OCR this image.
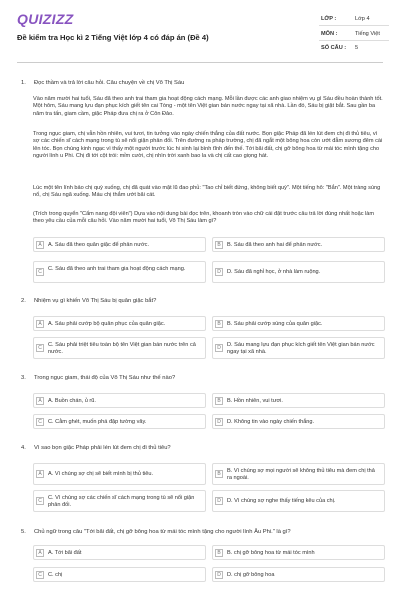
QUIZIZZ
Đề kiểm tra Học kì 2 Tiếng Việt lớp 4 có đáp án (Đề 4)
LỚP :	Lớp 4
MÔN :	Tiếng Việt
SỐ CÂU : 5
1. Đọc thầm và trả lời câu hỏi. Câu chuyện về chị Võ Thị Sáu
Vào năm mười hai tuổi, Sáu đã theo anh trai tham gia hoạt động cách mạng. Mỗi lần được các anh giao nhiệm vụ gì Sáu đều hoàn thành tốt. Một hôm, Sáu mang lựu đạn phục kích giết tên cai Tòng - một tên Việt gian bán nước ngay tại xã nhà. Lần đó, Sáu bị giặt bắt. Sau gần ba năm tra tấn, giam cầm, giặc Pháp đưa chị ra ở Côn Đảo.
Trong ngục giam, chị vẫn hồn nhiên, vui tươi, tin tưởng vào ngày chiến thắng của đất nước. Bọn giặc Pháp đã lén lút đem chị đi thủ tiêu, vì sợ các chiến sĩ cách mạng trong tù sẽ nổi giận phản đối. Trên đường ra pháp trường, chị đã ngắt một bông hoa còn ướt đẫm sương đêm cài lên tóc. Bọn chúng kinh ngạc vì thấy một người trước lúc hi sinh lại bình tĩnh đến thế. Tới bãi đất, chị gỡ bông hoa từ mái tóc mình tặng cho người lính u Phi. Chị đi tới cột trói: mỉm cười, chị nhìn trời xanh bao la và chị cất cao giọng hát.
Lúc một tên lính bảo chị quỳ xuống, chị đã quát vào mặt lũ đao phủ: "Tao chỉ biết đứng, không biết quỳ". Một tiếng hô: "Bắn". Một tràng súng nổ, chị Sáu ngã xuống. Máu chị thắm ướt bãi cát.
(Trích trong quyển "Cẩm nang đội viên") Dựa vào nội dung bài đọc trên, khoanh tròn vào chữ cái đặt trước câu trả lời đúng nhất hoặc làm theo yêu cầu của mỗi câu hỏi. Vào năm mười hai tuổi, Võ Thị Sáu làm gì?
A	A. Sáu đã theo quân giặc để phản nước.	B	B. Sáu đã theo anh hai để phản nước.
C	C. Sáu đã theo anh trai tham gia hoạt động cách mạng.	D	D. Sáu đã nghỉ học, ở nhà làm ruộng.
2. Nhiệm vụ gì khiến Võ Thị Sáu bị quân giặc bắt?
A	A. Sáu phải cướp bộ quân phục của quân giặc.	B	B. Sáu phải cướp súng của quân giặc.
C	C. Sáu phải triệt tiêu toàn bộ tên Việt gian bán nước trên cả nước.
D	D. Sáu mang lựu đạn phục kích giết tên Việt gian bán nước ngay tại xã nhà.
3. Trong ngục giam, thái độ của Võ Thị Sáu như thế nào?
A	A. Buồn chán, ủ rũ.	B	B. Hồn nhiên, vui tươi.
C	C. Cằm ghét, muốn phá đập tường vây.	D	D. Không tin vào ngày chiến thắng.
4. Vì sao bọn giặc Pháp phải lén lút đem chị đi thủ tiêu?
A	A. Vì chúng sợ chị sẽ biết mình bị thủ tiêu.	B	B. Vì chúng sợ mọi người sẽ không thủ tiêu mà đem chị thả ra ngoài.
C	C. Vì chúng sợ các chiến sĩ cách mạng trong tù sẽ nổi giận phản đối.
D	D. Vì chúng sợ nghe thấy tiếng kêu của chị.
5. Chủ ngữ trong câu "Tới bãi đất, chị gỡ bông hoa từ mái tóc mình tặng cho người lính Âu Phi." là gì?
A	A. Tới bãi đất	B	B. chị gỡ bông hoa từ mái tóc mình
C	C. chị	D	D. chị gỡ bông hoa
